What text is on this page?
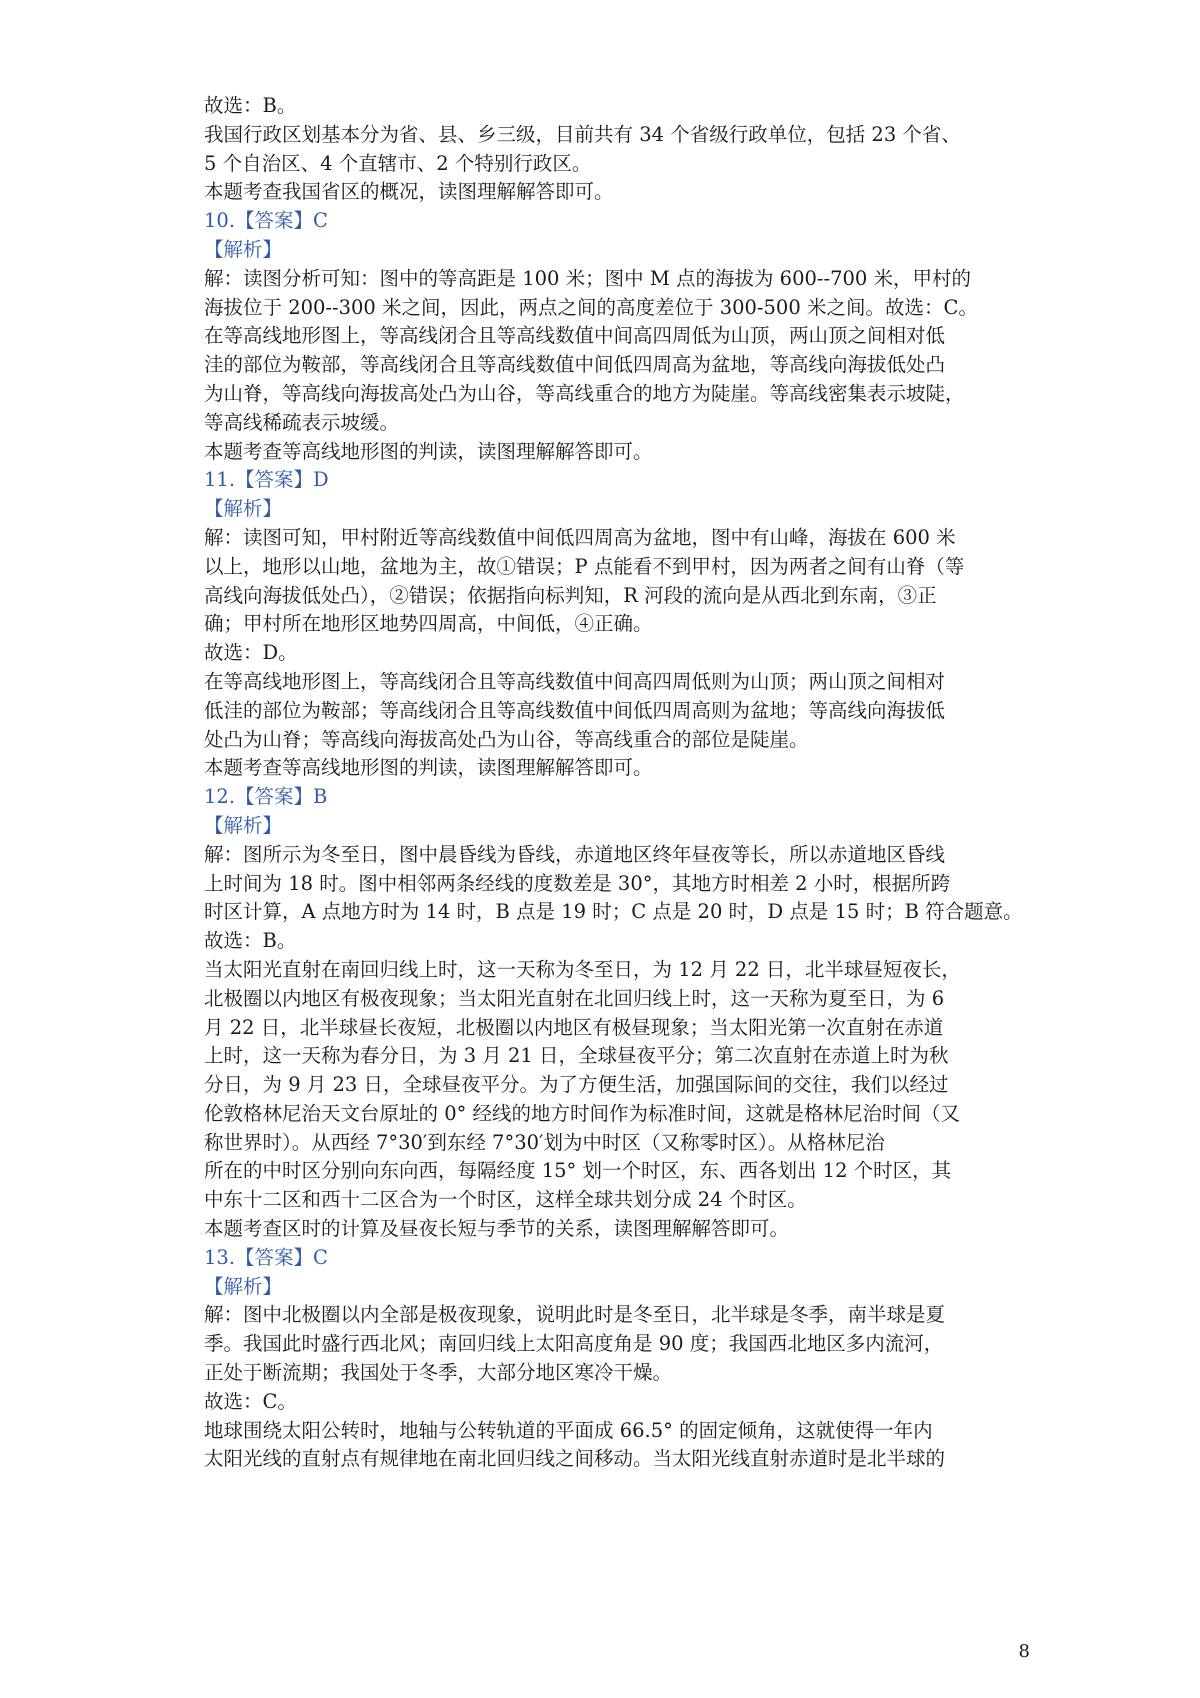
故选：B。
我国行政区划基本分为省、县、乡三级，目前共有 34 个省级行政单位，包括 23 个省、
5 个自治区、4 个直辖市、2 个特别行政区。
本题考查我国省区的概况，读图理解解答即可。
10.【答案】C
【解析】
解：读图分析可知：图中的等高距是 100 米；图中 M 点的海拔为 600--700 米，甲村的
海拔位于 200--300 米之间，因此，两点之间的高度差位于 300-500 米之间。故选：C。
在等高线地形图上，等高线闭合且等高线数值中间高四周低为山顶，两山顶之间相对低
洼的部位为鞍部，等高线闭合且等高线数值中间低四周高为盆地，等高线向海拔低处凸
为山脊，等高线向海拔高处凸为山谷，等高线重合的地方为陡崖。等高线密集表示坡陡，
等高线稀疏表示坡缓。
本题考查等高线地形图的判读，读图理解解答即可。
11.【答案】D
【解析】
解：读图可知，甲村附近等高线数值中间低四周高为盆地，图中有山峰，海拔在 600 米
以上，地形以山地，盆地为主，故①错误；P 点能看不到甲村，因为两者之间有山脊（等
高线向海拔低处凸），②错误；依据指向标判知，R 河段的流向是从西北到东南，③正
确；甲村所在地形区地势四周高，中间低，④正确。
故选：D。
在等高线地形图上，等高线闭合且等高线数值中间高四周低则为山顶；两山顶之间相对
低洼的部位为鞍部；等高线闭合且等高线数值中间低四周高则为盆地；等高线向海拔低
处凸为山脊；等高线向海拔高处凸为山谷，等高线重合的部位是陡崖。
本题考查等高线地形图的判读，读图理解解答即可。
12.【答案】B
【解析】
解：图所示为冬至日，图中晨昏线为昏线，赤道地区终年昼夜等长，所以赤道地区昏线
上时间为 18 时。图中相邻两条经线的度数差是 30°，其地方时相差 2 小时，根据所跨
时区计算，A 点地方时为 14 时，B 点是 19 时；C 点是 20 时，D 点是 15 时；B 符合题意。
故选：B。
当太阳光直射在南回归线上时，这一天称为冬至日，为 12 月 22 日，北半球昼短夜长，
北极圈以内地区有极夜现象；当太阳光直射在北回归线上时，这一天称为夏至日，为 6
月 22 日，北半球昼长夜短，北极圈以内地区有极昼现象；当太阳光第一次直射在赤道
上时，这一天称为春分日，为 3 月 21 日，全球昼夜平分；第二次直射在赤道上时为秋
分日，为 9 月 23 日，全球昼夜平分。为了方便生活，加强国际间的交往，我们以经过
伦敦格林尼治天文台原址的 0° 经线的地方时间作为标准时间，这就是格林尼治时间（又
称世界时）。从西经 7°30′到东经 7°30′划为中时区（又称零时区）。从格林尼治
所在的中时区分别向东向西，每隔经度 15° 划一个时区，东、西各划出 12 个时区，其
中东十二区和西十二区合为一个时区，这样全球共划分成 24 个时区。
本题考查区时的计算及昼夜长短与季节的关系，读图理解解答即可。
13.【答案】C
【解析】
解：图中北极圈以内全部是极夜现象，说明此时是冬至日，北半球是冬季，南半球是夏
季。我国此时盛行西北风；南回归线上太阳高度角是 90 度；我国西北地区多内流河，
正处于断流期；我国处于冬季，大部分地区寒冷干燥。
故选：C。
地球围绕太阳公转时，地轴与公转轨道的平面成 66.5° 的固定倾角，这就使得一年内
太阳光线的直射点有规律地在南北回归线之间移动。当太阳光线直射赤道时是北半球的
8
